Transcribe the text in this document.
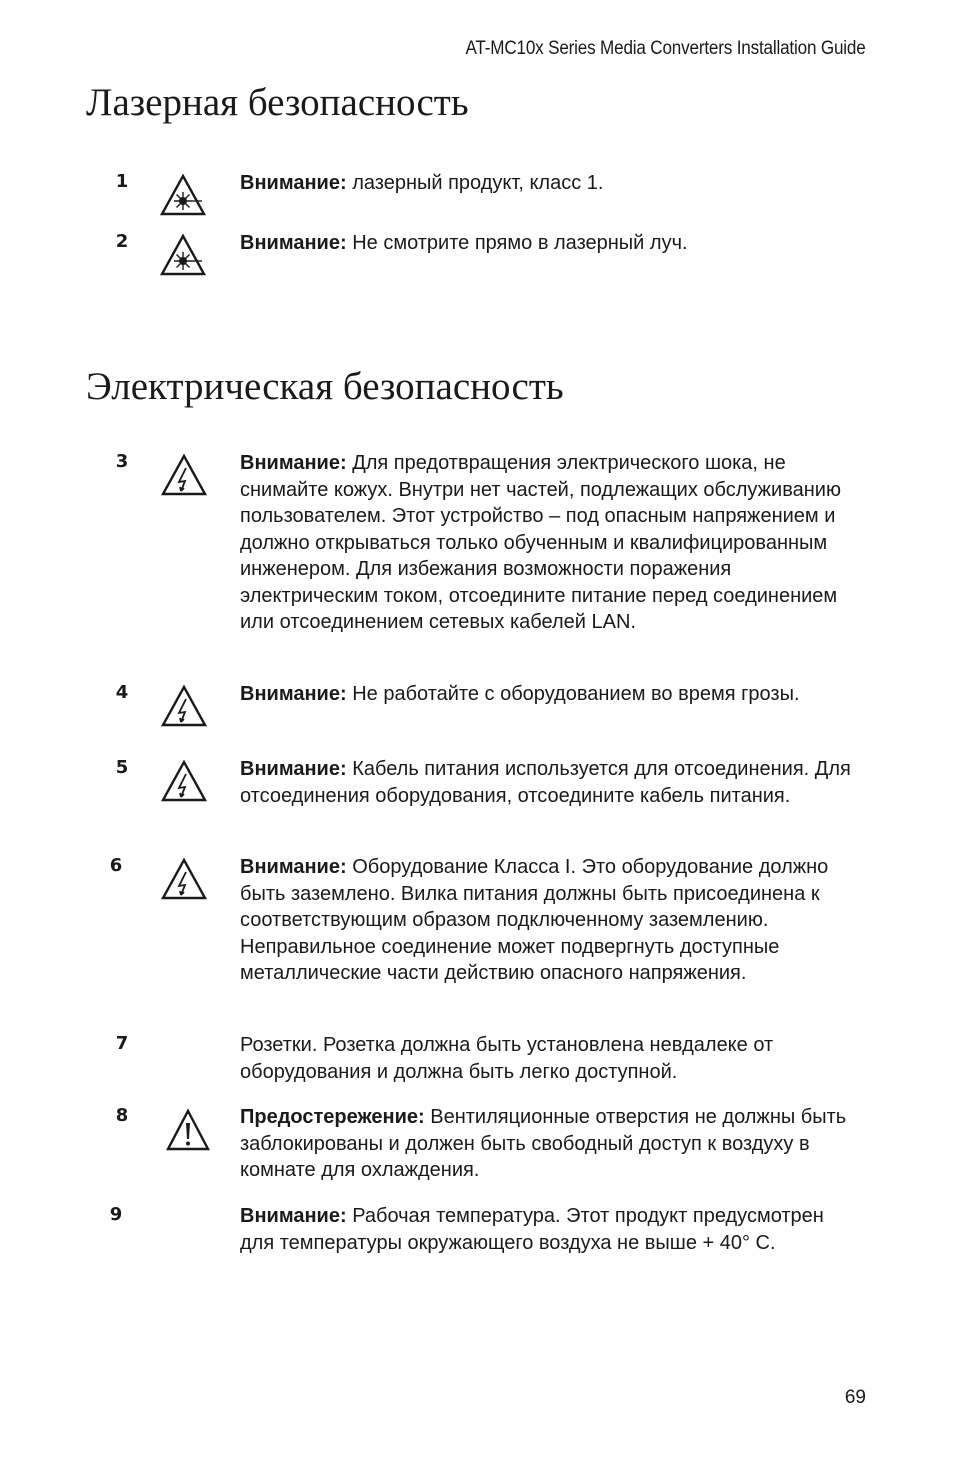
AT-MC10x Series Media Converters Installation Guide
Лазерная безопасность
1	Внимание: лазерный продукт, класс 1.
2	Внимание: Не смотрите прямо в лазерный луч.
Электрическая безопасность
3	Внимание: Для предотвращения электрического шока, не снимайте кожух. Внутри нет частей, подлежащих обслуживанию пользователем. Этот устройство – под опасным напряжением и должно открываться только обученным и квалифицированным инженером. Для избежания возможности поражения электрическим током, отсоедините питание перед соединением или отсоединением сетевых кабелей LAN.
4	Внимание: Не работайте с оборудованием во время грозы.
5	Внимание: Кабель питания используется для отсоединения. Для отсоединения оборудования, отсоедините кабель питания.
6	Внимание: Оборудование Класса I. Это оборудование должно быть заземлено. Вилка питания должны быть присоединена к соответствующим образом подключенному заземлению. Неправильное соединение может подвергнуть доступные металлические части действию опасного напряжения.
7	Розетки. Розетка должна быть установлена невдалеке от оборудования и должна быть легко доступной.
8	Предостережение: Вентиляционные отверстия не должны быть заблокированы и должен быть свободный доступ к воздуху в комнате для охлаждения.
9	Внимание: Рабочая температура. Этот продукт предусмотрен для температуры окружающего воздуха не выше + 40° C.
69
